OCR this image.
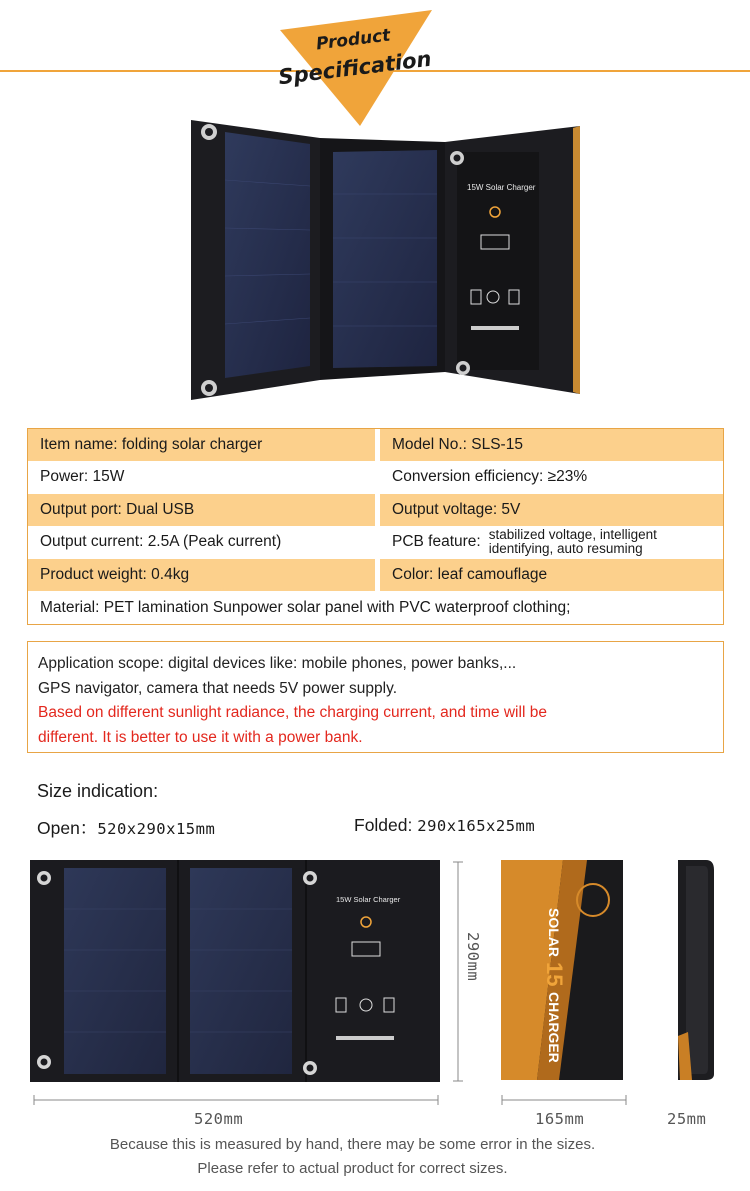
Product
Specification
15W Solar Charger
Item name: folding solar charger	Model No.: SLS-15
Power: 15W	Conversion efficiency: ≥23%
Output port: Dual USB	Output voltage: 5V
Output current: 2.5A (Peak current)	PCB feature: stabilized voltage, intelligent
identifying, auto resuming
Product weight: 0.4kg	Color: leaf camouflage
Material: PET lamination Sunpower solar panel with PVC waterproof clothing;
Application scope: digital devices like: mobile phones, power banks,...
GPS navigator, camera that needs 5V power supply.
Based on different sunlight radiance, the charging current, and time will be
different. It is better to use it with a power bank.
Size indication:
Open：520x290x15mm	Folded: 290x165x25mm
15W Solar Charger
SOLAR
15
CHARGER
520mm
290mm
165mm	25mm
Because this is measured by hand, there may be some error in the sizes.
Please refer to actual product for correct sizes.
